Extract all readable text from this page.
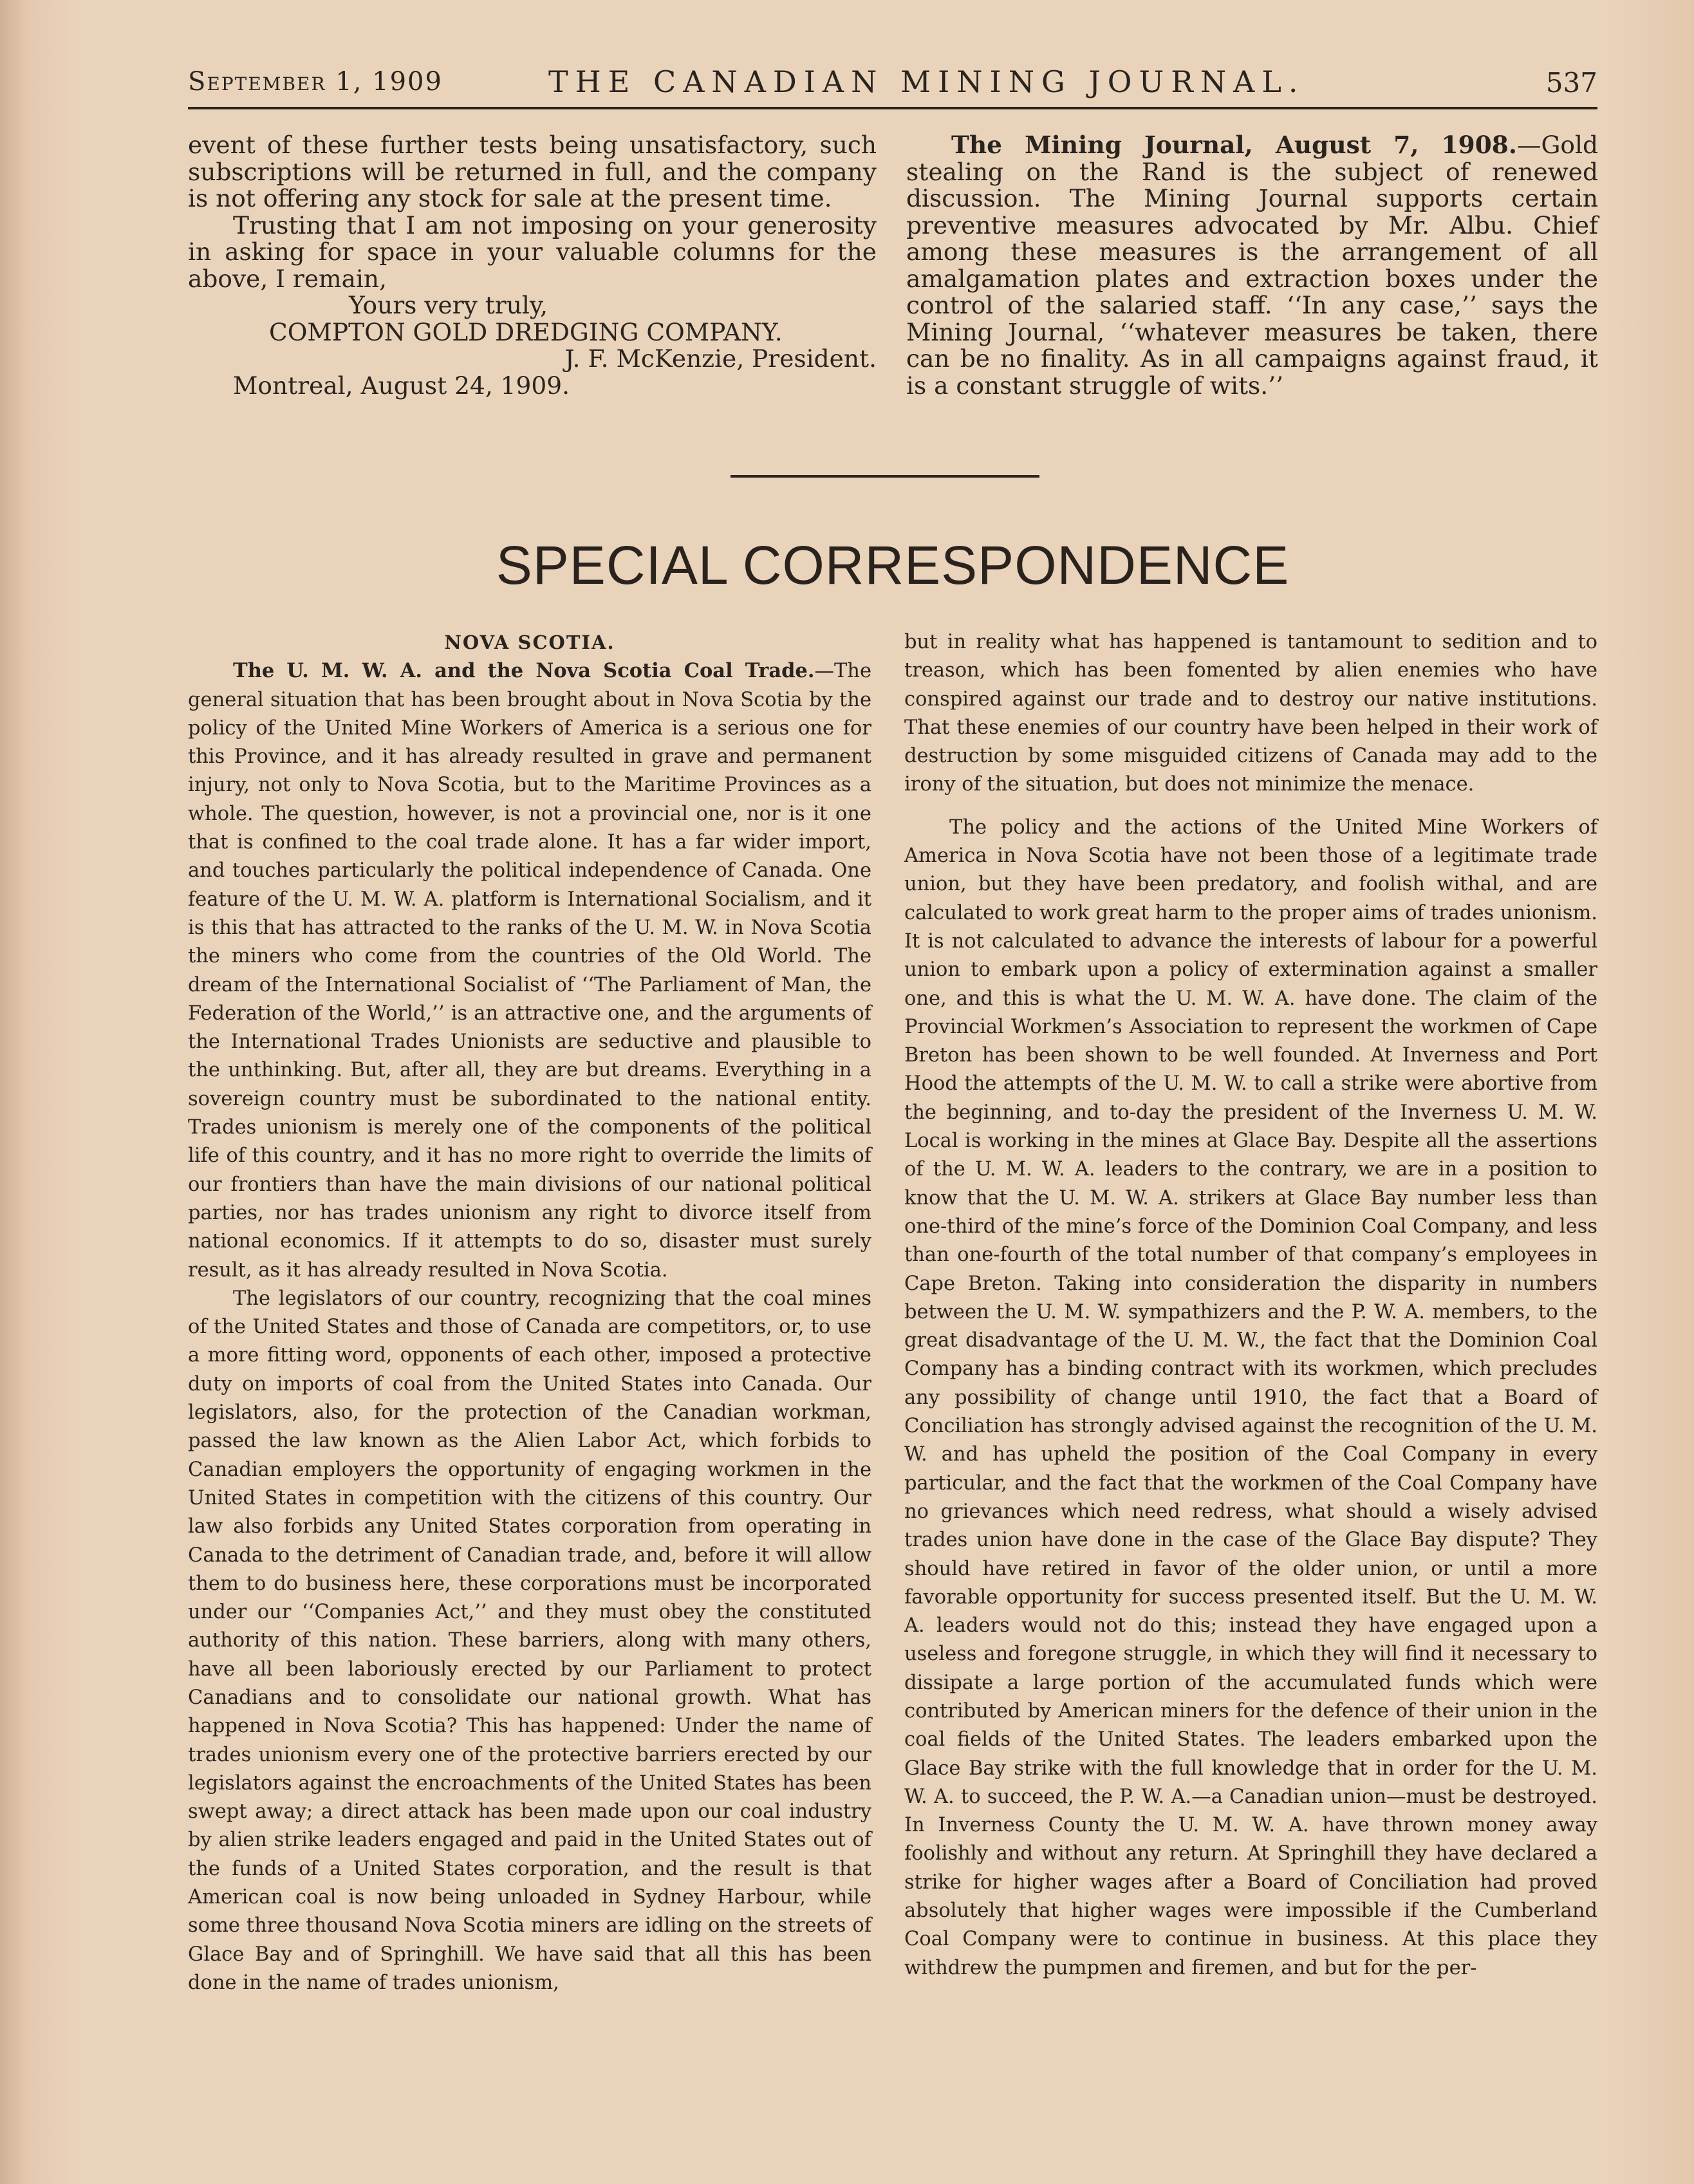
September 1, 1909	THE CANADIAN MINING JOURNAL.	537

event of these further tests being unsatisfactory, such subscriptions will be returned in full, and the company is not offering any stock for sale at the present time.

Trusting that I am not imposing on your generosity in asking for space in your valuable columns for the above, I remain,

Yours very truly,

COMPTON GOLD DREDGING COMPANY.

J. F. McKenzie, President.

Montreal, August 24, 1909.

The Mining Journal, August 7, 1908.—Gold stealing on the Rand is the subject of renewed discussion. The Mining Journal supports certain preventive measures advocated by Mr. Albu. Chief among these measures is the arrangement of all amalgamation plates and extraction boxes under the control of the salaried staff. ‘‘In any case,’’ says the Mining Journal, ‘‘whatever measures be taken, there can be no finality. As in all campaigns against fraud, it is a constant struggle of wits.’’

SPECIAL CORRESPONDENCE

NOVA SCOTIA.

The U. M. W. A. and the Nova Scotia Coal Trade.—The general situation that has been brought about in Nova Scotia by the policy of the United Mine Workers of America is a serious one for this Province, and it has already resulted in grave and permanent injury, not only to Nova Scotia, but to the Maritime Provinces as a whole. The question, however, is not a provincial one, nor is it one that is confined to the coal trade alone. It has a far wider import, and touches particularly the political independence of Canada. One feature of the U. M. W. A. platform is International Socialism, and it is this that has attracted to the ranks of the U. M. W. in Nova Scotia the miners who come from the countries of the Old World. The dream of the International Socialist of ‘‘The Parliament of Man, the Federation of the World,’’ is an attractive one, and the arguments of the International Trades Unionists are seductive and plausible to the unthinking. But, after all, they are but dreams. Everything in a sovereign country must be subordinated to the national entity. Trades unionism is merely one of the components of the political life of this country, and it has no more right to override the limits of our frontiers than have the main divisions of our national political parties, nor has trades unionism any right to divorce itself from national economics. If it attempts to do so, disaster must surely result, as it has already resulted in Nova Scotia.

The legislators of our country, recognizing that the coal mines of the United States and those of Canada are competitors, or, to use a more fitting word, opponents of each other, imposed a protective duty on imports of coal from the United States into Canada. Our legislators, also, for the protection of the Canadian workman, passed the law known as the Alien Labor Act, which forbids to Canadian employers the opportunity of engaging workmen in the United States in competition with the citizens of this country. Our law also forbids any United States corporation from operating in Canada to the detriment of Canadian trade, and, before it will allow them to do business here, these corporations must be incorporated under our ‘‘Companies Act,’’ and they must obey the constituted authority of this nation. These barriers, along with many others, have all been laboriously erected by our Parliament to protect Canadians and to consolidate our national growth. What has happened in Nova Scotia? This has happened: Under the name of trades unionism every one of the protective barriers erected by our legislators against the encroachments of the United States has been swept away; a direct attack has been made upon our coal industry by alien strike leaders engaged and paid in the United States out of the funds of a United States corporation, and the result is that American coal is now being unloaded in Sydney Harbour, while some three thousand Nova Scotia miners are idling on the streets of Glace Bay and of Springhill. We have said that all this has been done in the name of trades unionism,

but in reality what has happened is tantamount to sedition and to treason, which has been fomented by alien enemies who have conspired against our trade and to destroy our native institutions. That these enemies of our country have been helped in their work of destruction by some misguided citizens of Canada may add to the irony of the situation, but does not minimize the menace.

The policy and the actions of the United Mine Workers of America in Nova Scotia have not been those of a legitimate trade union, but they have been predatory, and foolish withal, and are calculated to work great harm to the proper aims of trades unionism. It is not calculated to advance the interests of labour for a powerful union to embark upon a policy of extermination against a smaller one, and this is what the U. M. W. A. have done. The claim of the Provincial Workmen’s Association to represent the workmen of Cape Breton has been shown to be well founded. At Inverness and Port Hood the attempts of the U. M. W. to call a strike were abortive from the beginning, and to-day the president of the Inverness U. M. W. Local is working in the mines at Glace Bay. Despite all the assertions of the U. M. W. A. leaders to the contrary, we are in a position to know that the U. M. W. A. strikers at Glace Bay number less than one-third of the mine’s force of the Dominion Coal Company, and less than one-fourth of the total number of that company’s employees in Cape Breton. Taking into consideration the disparity in numbers between the U. M. W. sympathizers and the P. W. A. members, to the great disadvantage of the U. M. W., the fact that the Dominion Coal Company has a binding contract with its workmen, which precludes any possibility of change until 1910, the fact that a Board of Conciliation has strongly advised against the recognition of the U. M. W. and has upheld the position of the Coal Company in every particular, and the fact that the workmen of the Coal Company have no grievances which need redress, what should a wisely advised trades union have done in the case of the Glace Bay dispute? They should have retired in favor of the older union, or until a more favorable opportunity for success presented itself. But the U. M. W. A. leaders would not do this; instead they have engaged upon a useless and foregone struggle, in which they will find it necessary to dissipate a large portion of the accumulated funds which were contributed by American miners for the defence of their union in the coal fields of the United States. The leaders embarked upon the Glace Bay strike with the full knowledge that in order for the U. M. W. A. to succeed, the P. W. A.—a Canadian union—must be destroyed. In Inverness County the U. M. W. A. have thrown money away foolishly and without any return. At Springhill they have declared a strike for higher wages after a Board of Conciliation had proved absolutely that higher wages were impossible if the Cumberland Coal Company were to continue in business. At this place they withdrew the pumpmen and firemen, and but for the per-
